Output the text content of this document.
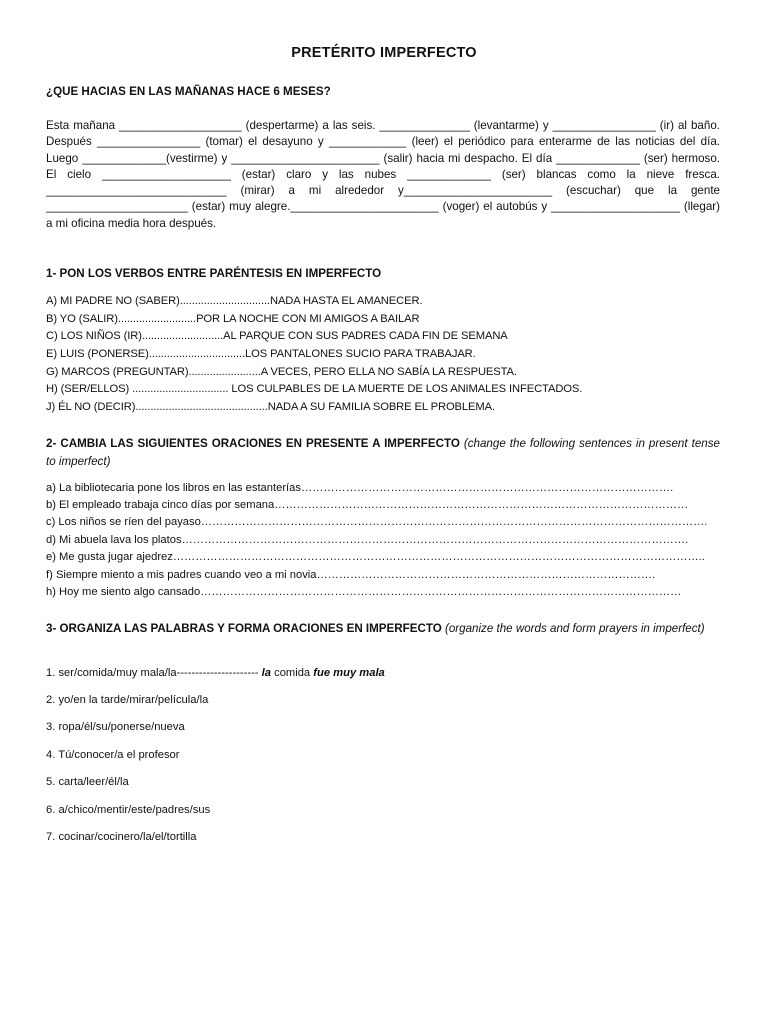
PRETÉRITO IMPERFECTO
¿QUE HACIAS EN LAS MAÑANAS HACE 6 MESES?
Esta mañana ___________________ (despertarme) a las seis. ______________ (levantarme) y ________________ (ir) al baño. Después ________________ (tomar) el desayuno y ____________ (leer) el periódico para enterarme de las noticias del día. Luego _____________(vestirme) y _______________________ (salir) hacia mi despacho. El día _____________ (ser) hermoso. El cielo ____________________ (estar) claro y las nubes _____________ (ser) blancas como la nieve fresca. ____________________________ (mirar) a mi alrededor y_______________________ (escuchar) que la gente ______________________ (estar) muy alegre._______________________ (voger) el autobús y ____________________ (llegar) a mi oficina media hora después.
1- PON LOS VERBOS ENTRE PARÉNTESIS EN IMPERFECTO
A) MI PADRE NO (SABER)..............................NADA HASTA EL AMANECER.
B) YO (SALIR)..........................POR LA NOCHE CON MI AMIGOS A BAILAR
C) LOS NIÑOS (IR)...........................AL PARQUE CON SUS PADRES CADA FIN DE SEMANA
E) LUIS (PONERSE)................................LOS PANTALONES SUCIO PARA TRABAJAR.
G) MARCOS (PREGUNTAR)........................A VECES, PERO ELLA NO SABÍA LA RESPUESTA.
H) (SER/ELLOS) ................................ LOS CULPABLES DE LA MUERTE DE LOS ANIMALES INFECTADOS.
J) ÉL NO (DECIR)............................................NADA A SU FAMILIA SOBRE EL PROBLEMA.
2- CAMBIA LAS SIGUIENTES ORACIONES EN PRESENTE A IMPERFECTO (change the following sentences in present tense to imperfect)
a) La bibliotecaria pone los libros en las estanterías……………………………………………………………………………………….
b) El empleado trabaja cinco días por semana…………………………………………………………………………………………………
c) Los niños se ríen del payaso……………………………………………………………………………………………………………………….
d) Mi abuela lava los platos……………………………………………………………………………………………………………………….
e) Me gusta jugar ajedrez……………………………………………………………………………………………………………………………..
f) Siempre miento a mis padres cuando veo a mi novia……………………………………………………………………………….
h) Hoy me siento algo cansado…………………………………………………………………………………………………………………
3- ORGANIZA LAS PALABRAS Y FORMA ORACIONES EN IMPERFECTO (organize the words and form prayers in imperfect)
1. ser/comida/muy mala/la---------------------- la comida fue muy mala
2. yo/en la tarde/mirar/película/la
3. ropa/él/su/ponerse/nueva
4. Tú/conocer/a el profesor
5. carta/leer/él/la
6. a/chico/mentir/este/padres/sus
7. cocinar/cocinero/la/el/tortilla
